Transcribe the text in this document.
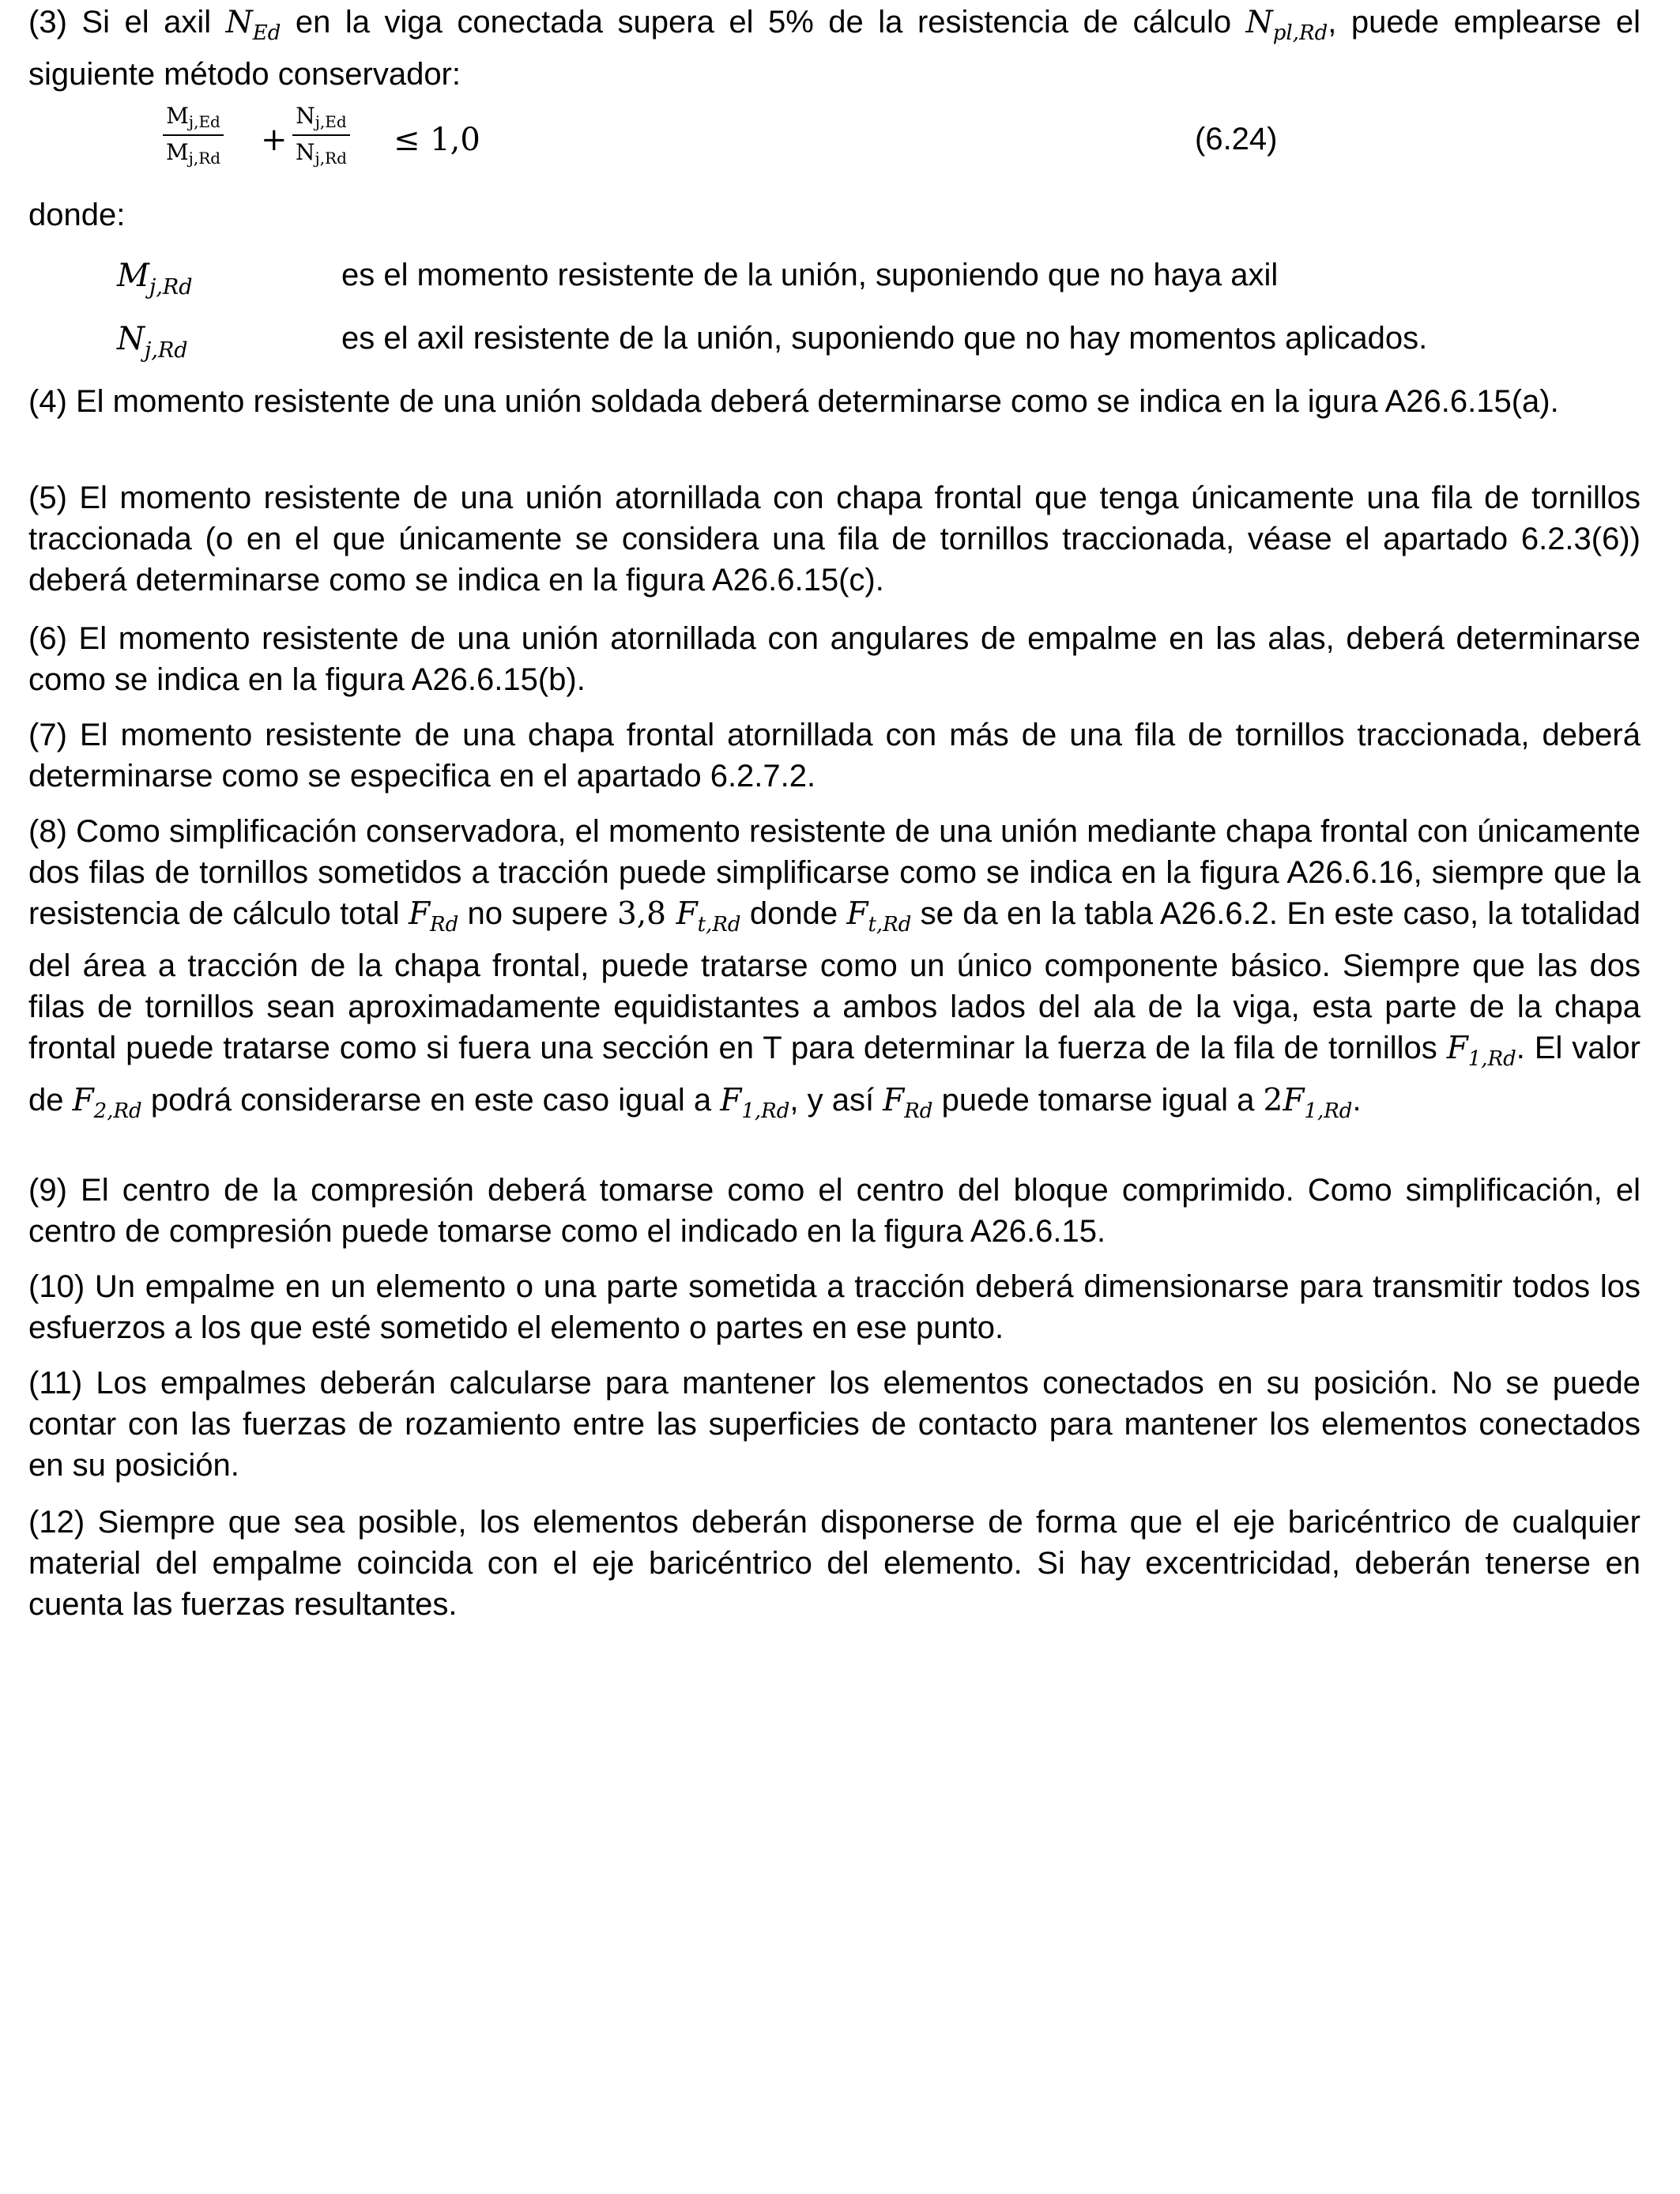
(3) Si el axil $N_{Ed}$ en la viga conectada supera el 5% de la resistencia de cálculo $N_{pl,Rd}$, puede emplearse el siguiente método conservador:

$\frac{M_{j,Ed}}{M_{j,Rd}} + \frac{N_{j,Ed}}{N_{j,Rd}} \le 1,0$	(6.24)
donde:
$M_{j,Rd}$	es el momento resistente de la unión, suponiendo que no haya axil
$N_{j,Rd}$	es el axil resistente de la unión, suponiendo que no hay momentos aplicados.

(4) El momento resistente de una unión soldada deberá determinarse como se indica en la igura A26.6.15(a).

(5) El momento resistente de una unión atornillada con chapa frontal que tenga únicamente una fila de tornillos traccionada (o en el que únicamente se considera una fila de tornillos traccionada, véase el apartado 6.2.3(6)) deberá determinarse como se indica en la figura A26.6.15(c).

(6) El momento resistente de una unión atornillada con angulares de empalme en las alas, deberá determinarse como se indica en la figura A26.6.15(b).

(7) El momento resistente de una chapa frontal atornillada con más de una fila de tornillos traccionada, deberá determinarse como se especifica en el apartado 6.2.7.2.

(8) Como simplificación conservadora, el momento resistente de una unión mediante chapa frontal con únicamente dos filas de tornillos sometidos a tracción puede simplificarse como se indica en la figura A26.6.16, siempre que la resistencia de cálculo total $F_{Rd}$ no supere 3,8 $F_{t,Rd}$ donde $F_{t,Rd}$ se da en la tabla A26.6.2. En este caso, la totalidad del área a tracción de la chapa frontal, puede tratarse como un único componente básico. Siempre que las dos filas de tornillos sean aproximadamente equidistantes a ambos lados del ala de la viga, esta parte de la chapa frontal puede tratarse como si fuera una sección en T para determinar la fuerza de la fila de tornillos $F_{1,Rd}$. El valor de $F_{2,Rd}$ podrá considerarse en este caso igual a $F_{1,Rd}$, y así $F_{Rd}$ puede tomarse igual a $2F_{1,Rd}$.

(9) El centro de la compresión deberá tomarse como el centro del bloque comprimido. Como simplificación, el centro de compresión puede tomarse como el indicado en la figura A26.6.15.

(10) Un empalme en un elemento o una parte sometida a tracción deberá dimensionarse para transmitir todos los esfuerzos a los que esté sometido el elemento o partes en ese punto.

(11) Los empalmes deberán calcularse para mantener los elementos conectados en su posición. No se puede contar con las fuerzas de rozamiento entre las superficies de contacto para mantener los elementos conectados en su posición.

(12) Siempre que sea posible, los elementos deberán disponerse de forma que el eje baricéntrico de cualquier material del empalme coincida con el eje baricéntrico del elemento. Si hay excentricidad, deberán tenerse en cuenta las fuerzas resultantes.
